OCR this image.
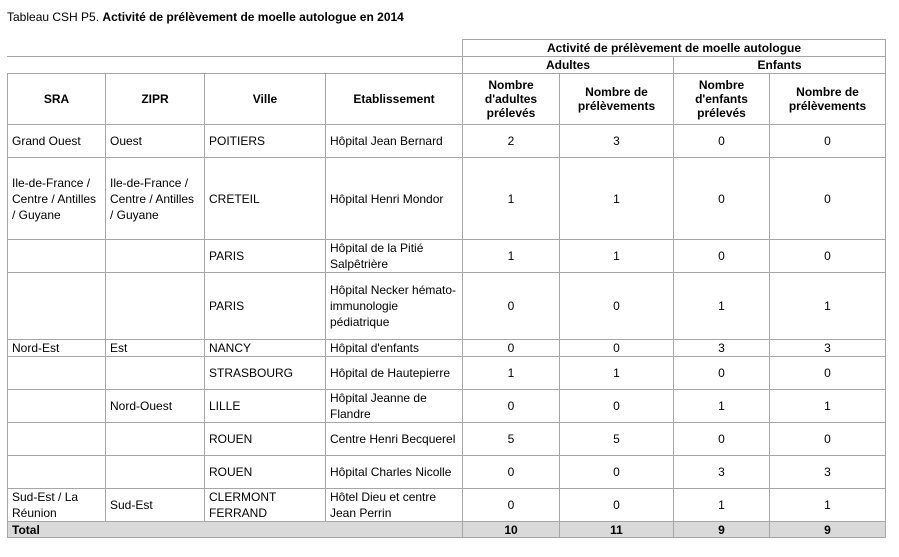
Tableau CSH P5. Activité de prélèvement de moelle autologue en 2014
				Activité de prélèvement de moelle autologue			
				Adultes		Enfants	
SRA	ZIPR	Ville	Etablissement	Nombre d'adultes prélevés	Nombre de prélèvements	Nombre d'enfants prélevés	Nombre de prélèvements
Grand Ouest	Ouest	POITIERS	Hôpital Jean Bernard	2	3	0	0
Ile-de-France / Centre / Antilles / Guyane	Ile-de-France / Centre / Antilles / Guyane	CRETEIL	Hôpital Henri Mondor	1	1	0	0
		PARIS	Hôpital de la Pitié Salpêtrière	1	1	0	0
		PARIS	Hôpital Necker hémato-immunologie pédiatrique	0	0	1	1
Nord-Est	Est	NANCY	Hôpital d'enfants	0	0	3	3
		STRASBOURG	Hôpital de Hautepierre	1	1	0	0
	Nord-Ouest	LILLE	Hôpital Jeanne de Flandre	0	0	1	1
		ROUEN	Centre Henri Becquerel	5	5	0	0
		ROUEN	Hôpital Charles Nicolle	0	0	3	3
Sud-Est / La Réunion	Sud-Est	CLERMONT FERRAND	Hôtel Dieu et centre Jean Perrin	0	0	1	1
Total				10	11	9	9
